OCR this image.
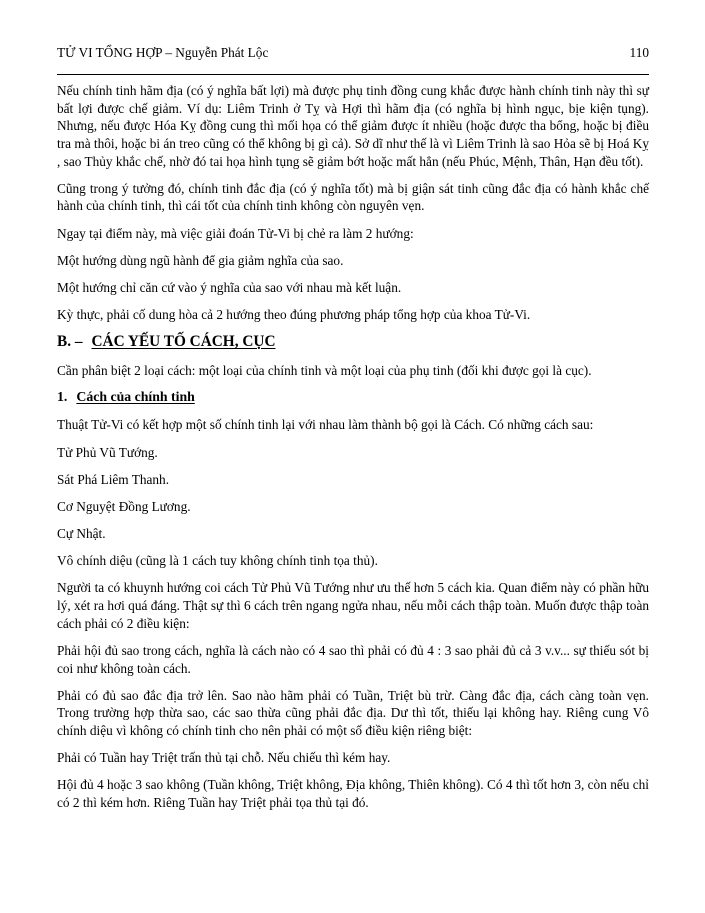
TỬ VI TỔNG HỢP – Nguyễn Phát Lộc	110

Nếu chính tinh hãm địa (có ý nghĩa bất lợi) mà được phụ tinh đồng cung khắc được hành chính tinh này thì sự bất lợi được chế giảm. Ví dụ: Liêm Trinh ở Tỵ và Hợi thì hãm địa (có nghĩa bị hình ngục, bịe kiện tụng). Nhưng, nếu được Hóa Kỵ đồng cung thì mối họa có thể giảm được ít nhiều (hoặc được tha bổng, hoặc bị điều tra mà thôi, hoặc bi án treo cũng có thể không bị gì cả). Sở dĩ như thế là vì Liêm Trinh là sao Hỏa sẽ bị Hoá Kỵ , sao Thủy khắc chế, nhờ đó tai họa hình tụng sẽ giảm bớt hoặc mất hẳn (nếu Phúc, Mệnh, Thân, Hạn đều tốt).

Cũng trong ý tưởng đó, chính tinh đắc địa (có ý nghĩa tốt) mà bị giận sát tinh cũng đắc địa có hành khắc chế hành của chính tinh, thì cái tốt của chính tinh không còn nguyên vẹn.

Ngay tại điểm này, mà việc giải đoán Tử-Vi bị chẻ ra làm 2 hướng:

Một hướng dùng ngũ hành để gia giảm nghĩa của sao.

Một hướng chỉ căn cứ vào ý nghĩa của sao với nhau mà kết luận.

Kỳ thực, phải cố dung hòa cả 2 hướng theo đúng phương pháp tổng hợp của khoa Tử-Vi.

B. – CÁC YẾU TỐ CÁCH, CỤC

Cần phân biệt 2 loại cách: một loại của chính tinh và một loại của phụ tinh (đối khi được gọi là cục).

1. Cách của chính tinh

Thuật Tử-Vi có kết hợp một số chính tinh lại với nhau làm thành bộ gọi là Cách. Có những cách sau:

Tử Phủ Vũ Tướng.

Sát Phá Liêm Thanh.

Cơ Nguyệt Đồng Lương.

Cự Nhật.

Vô chính diệu (cũng là 1 cách tuy không chính tinh tọa thủ).

Người ta có khuynh hướng coi cách Tử Phủ Vũ Tướng như ưu thế hơn 5 cách kia. Quan điểm này có phần hữu lý, xét ra hơi quá đáng. Thật sự thì 6 cách trên ngang ngửa nhau, nếu mỗi cách thập toàn. Muốn được thập toàn cách phải có 2 điều kiện:

Phải hội đủ sao trong cách, nghĩa là cách nào có 4 sao thì phải có đủ 4 : 3 sao phải đủ cả 3 v.v... sự thiếu sót bị coi như không toàn cách.

Phải có đủ sao đắc địa trở lên. Sao nào hãm phải có Tuần, Triệt bù trừ. Càng đắc địa, cách càng toàn vẹn. Trong trường hợp thừa sao, các sao thừa cũng phải đắc địa. Dư thì tốt, thiếu lại không hay. Riêng cung Vô chính diệu vì không có chính tinh cho nên phải có một số điều kiện riêng biệt:

Phải có Tuần hay Triệt trấn thủ tại chỗ. Nếu chiếu thì kém hay.

Hội đủ 4 hoặc 3 sao không (Tuần không, Triệt không, Địa không, Thiên không). Có 4 thì tốt hơn 3, còn nếu chỉ có 2 thì kém hơn. Riêng Tuần hay Triệt phải tọa thủ tại đó.
